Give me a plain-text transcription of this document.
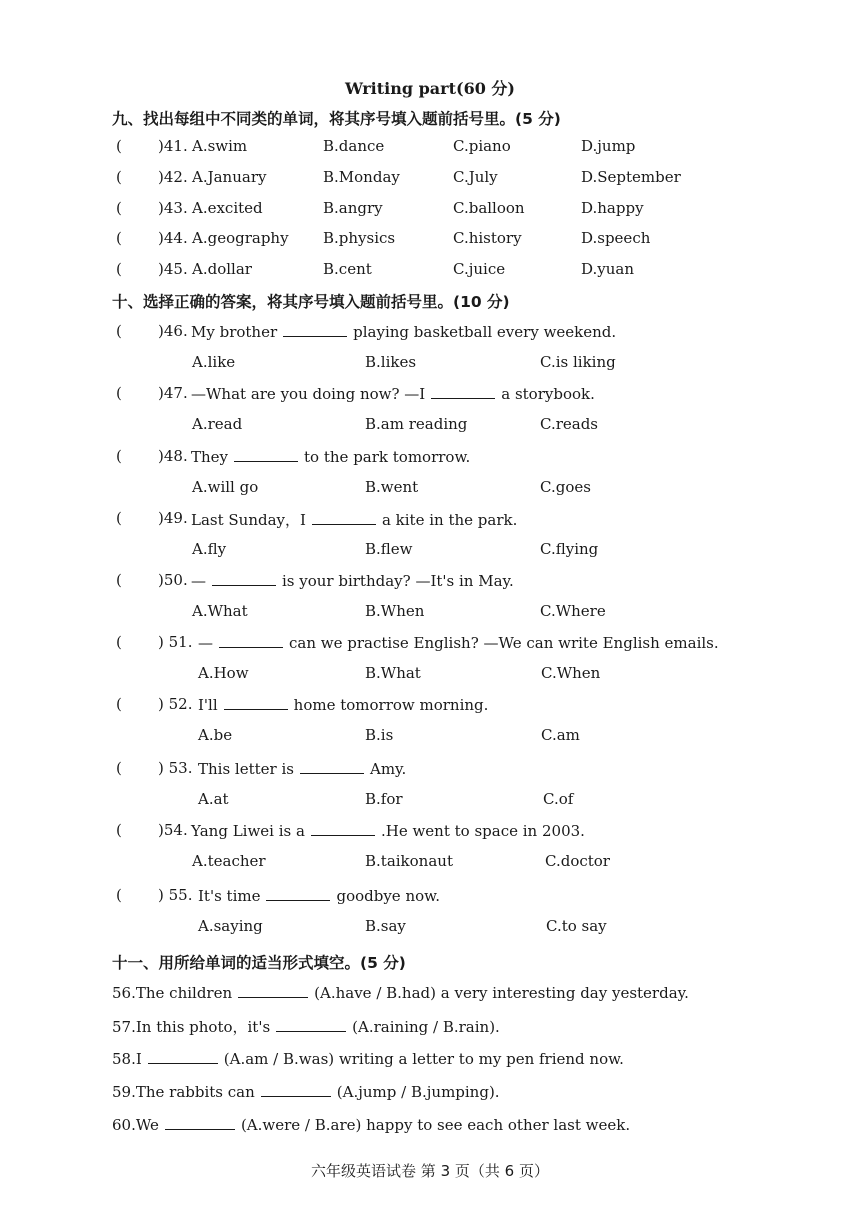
Writing part(60 分)
九、找出每组中不同类的单词，将其序号填入题前括号里。(5 分)
( )41. A.swim	B.dance	C.piano	D.jump
( )42. A.January	B.Monday	C.July	D.September
( )43. A.excited	B.angry	C.balloon	D.happy
( )44. A.geography B.physics	C.history	D.speech
( )45. A.dollar	B.cent	C.juice	D.yuan
十、选择正确的答案，将其序号填入题前括号里。(10 分)
( )46. My brother	playing basketball every weekend.
A.like	B.likes	C.is liking
( )47. —What are you doing now? —I	a storybook.
A.read	B.am reading	C.reads
( )48. They	to the park tomorrow.
A.will go	B.went	C.goes
( )49. Last Sunday，I	a kite in the park.
A.fly	B.flew	C.flying
( )50. —	is your birthday? —It's in May.
A.What	B.When	C.Where
( ) 51. —	can we practise English? —We can write English emails.
A.How	B.What	C.When
( ) 52. I'll	home tomorrow morning.
A.be	B.is	C.am
( ) 53. This letter is	Amy.
A.at	B.for	C.of
( )54. Yang Liwei is a	.He went to space in 2003.
A.teacher	B.taikonaut	C.doctor
( ) 55. It's time	goodbye now.
A.saying	B.say	C.to say
十一、用所给单词的适当形式填空。(5 分)
56.The children	(A.have / B.had) a very interesting day yesterday.
57.In this photo，it's	(A.raining / B.rain).
58.I	(A.am / B.was) writing a letter to my pen friend now.
59.The rabbits can	(A.jump / B.jumping).
60.We	(A.were / B.are) happy to see each other last week.
六年级英语试卷 第 3 页（共 6 页）
